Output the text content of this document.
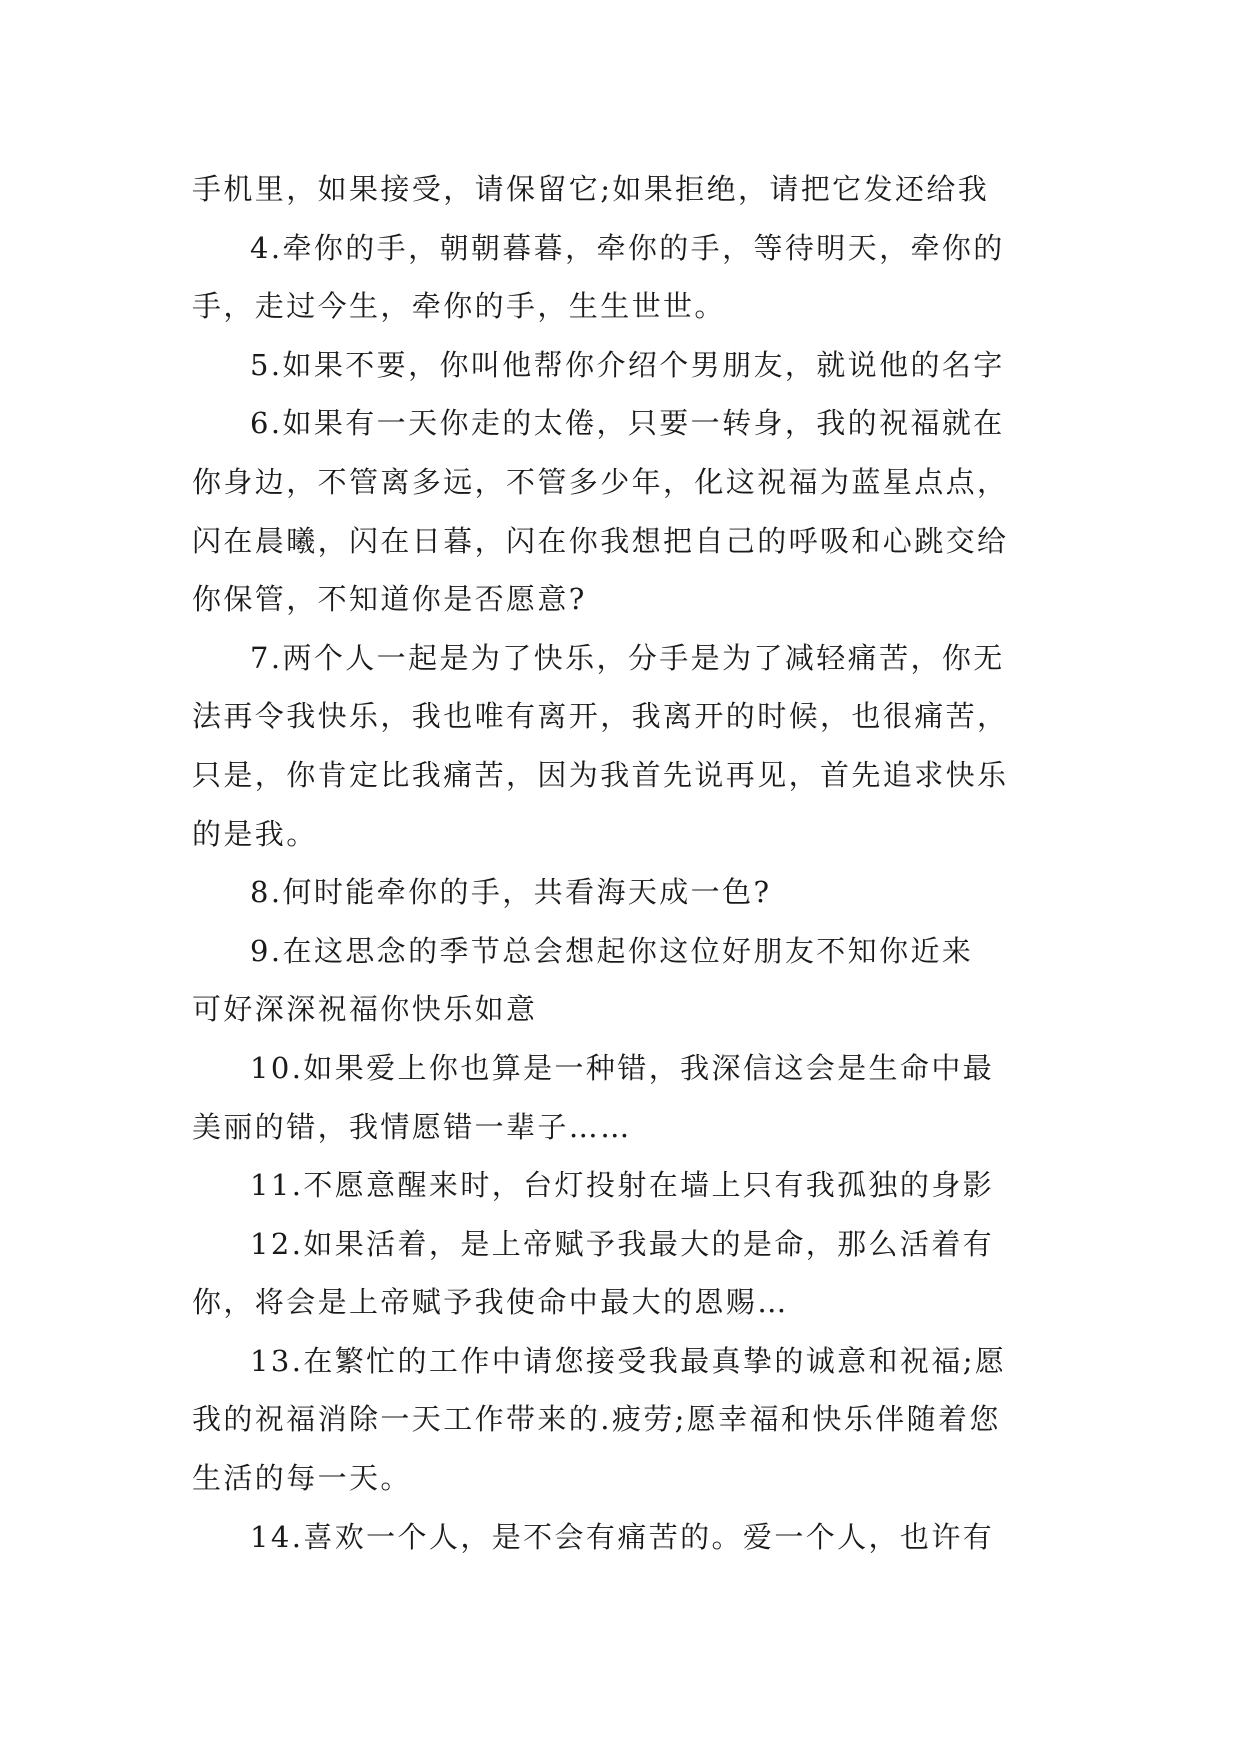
手机里，如果接受，请保留它;如果拒绝，请把它发还给我
4.牵你的手，朝朝暮暮，牵你的手，等待明天，牵你的
手，走过今生，牵你的手，生生世世。
5.如果不要，你叫他帮你介绍个男朋友，就说他的名字
6.如果有一天你走的太倦，只要一转身，我的祝福就在
你身边，不管离多远，不管多少年，化这祝福为蓝星点点，
闪在晨曦，闪在日暮，闪在你我想把自己的呼吸和心跳交给
你保管，不知道你是否愿意?
7.两个人一起是为了快乐，分手是为了减轻痛苦，你无
法再令我快乐，我也唯有离开，我离开的时候，也很痛苦，
只是，你肯定比我痛苦，因为我首先说再见，首先追求快乐
的是我。
8.何时能牵你的手，共看海天成一色?
9.在这思念的季节总会想起你这位好朋友不知你近来
可好深深祝福你快乐如意
10.如果爱上你也算是一种错，我深信这会是生命中最
美丽的错，我情愿错一辈子……
11.不愿意醒来时，台灯投射在墙上只有我孤独的身影
12.如果活着，是上帝赋予我最大的是命，那么活着有
你，将会是上帝赋予我使命中最大的恩赐…
13.在繁忙的工作中请您接受我最真挚的诚意和祝福;愿
我的祝福消除一天工作带来的.疲劳;愿幸福和快乐伴随着您
生活的每一天。
14.喜欢一个人，是不会有痛苦的。爱一个人，也许有
